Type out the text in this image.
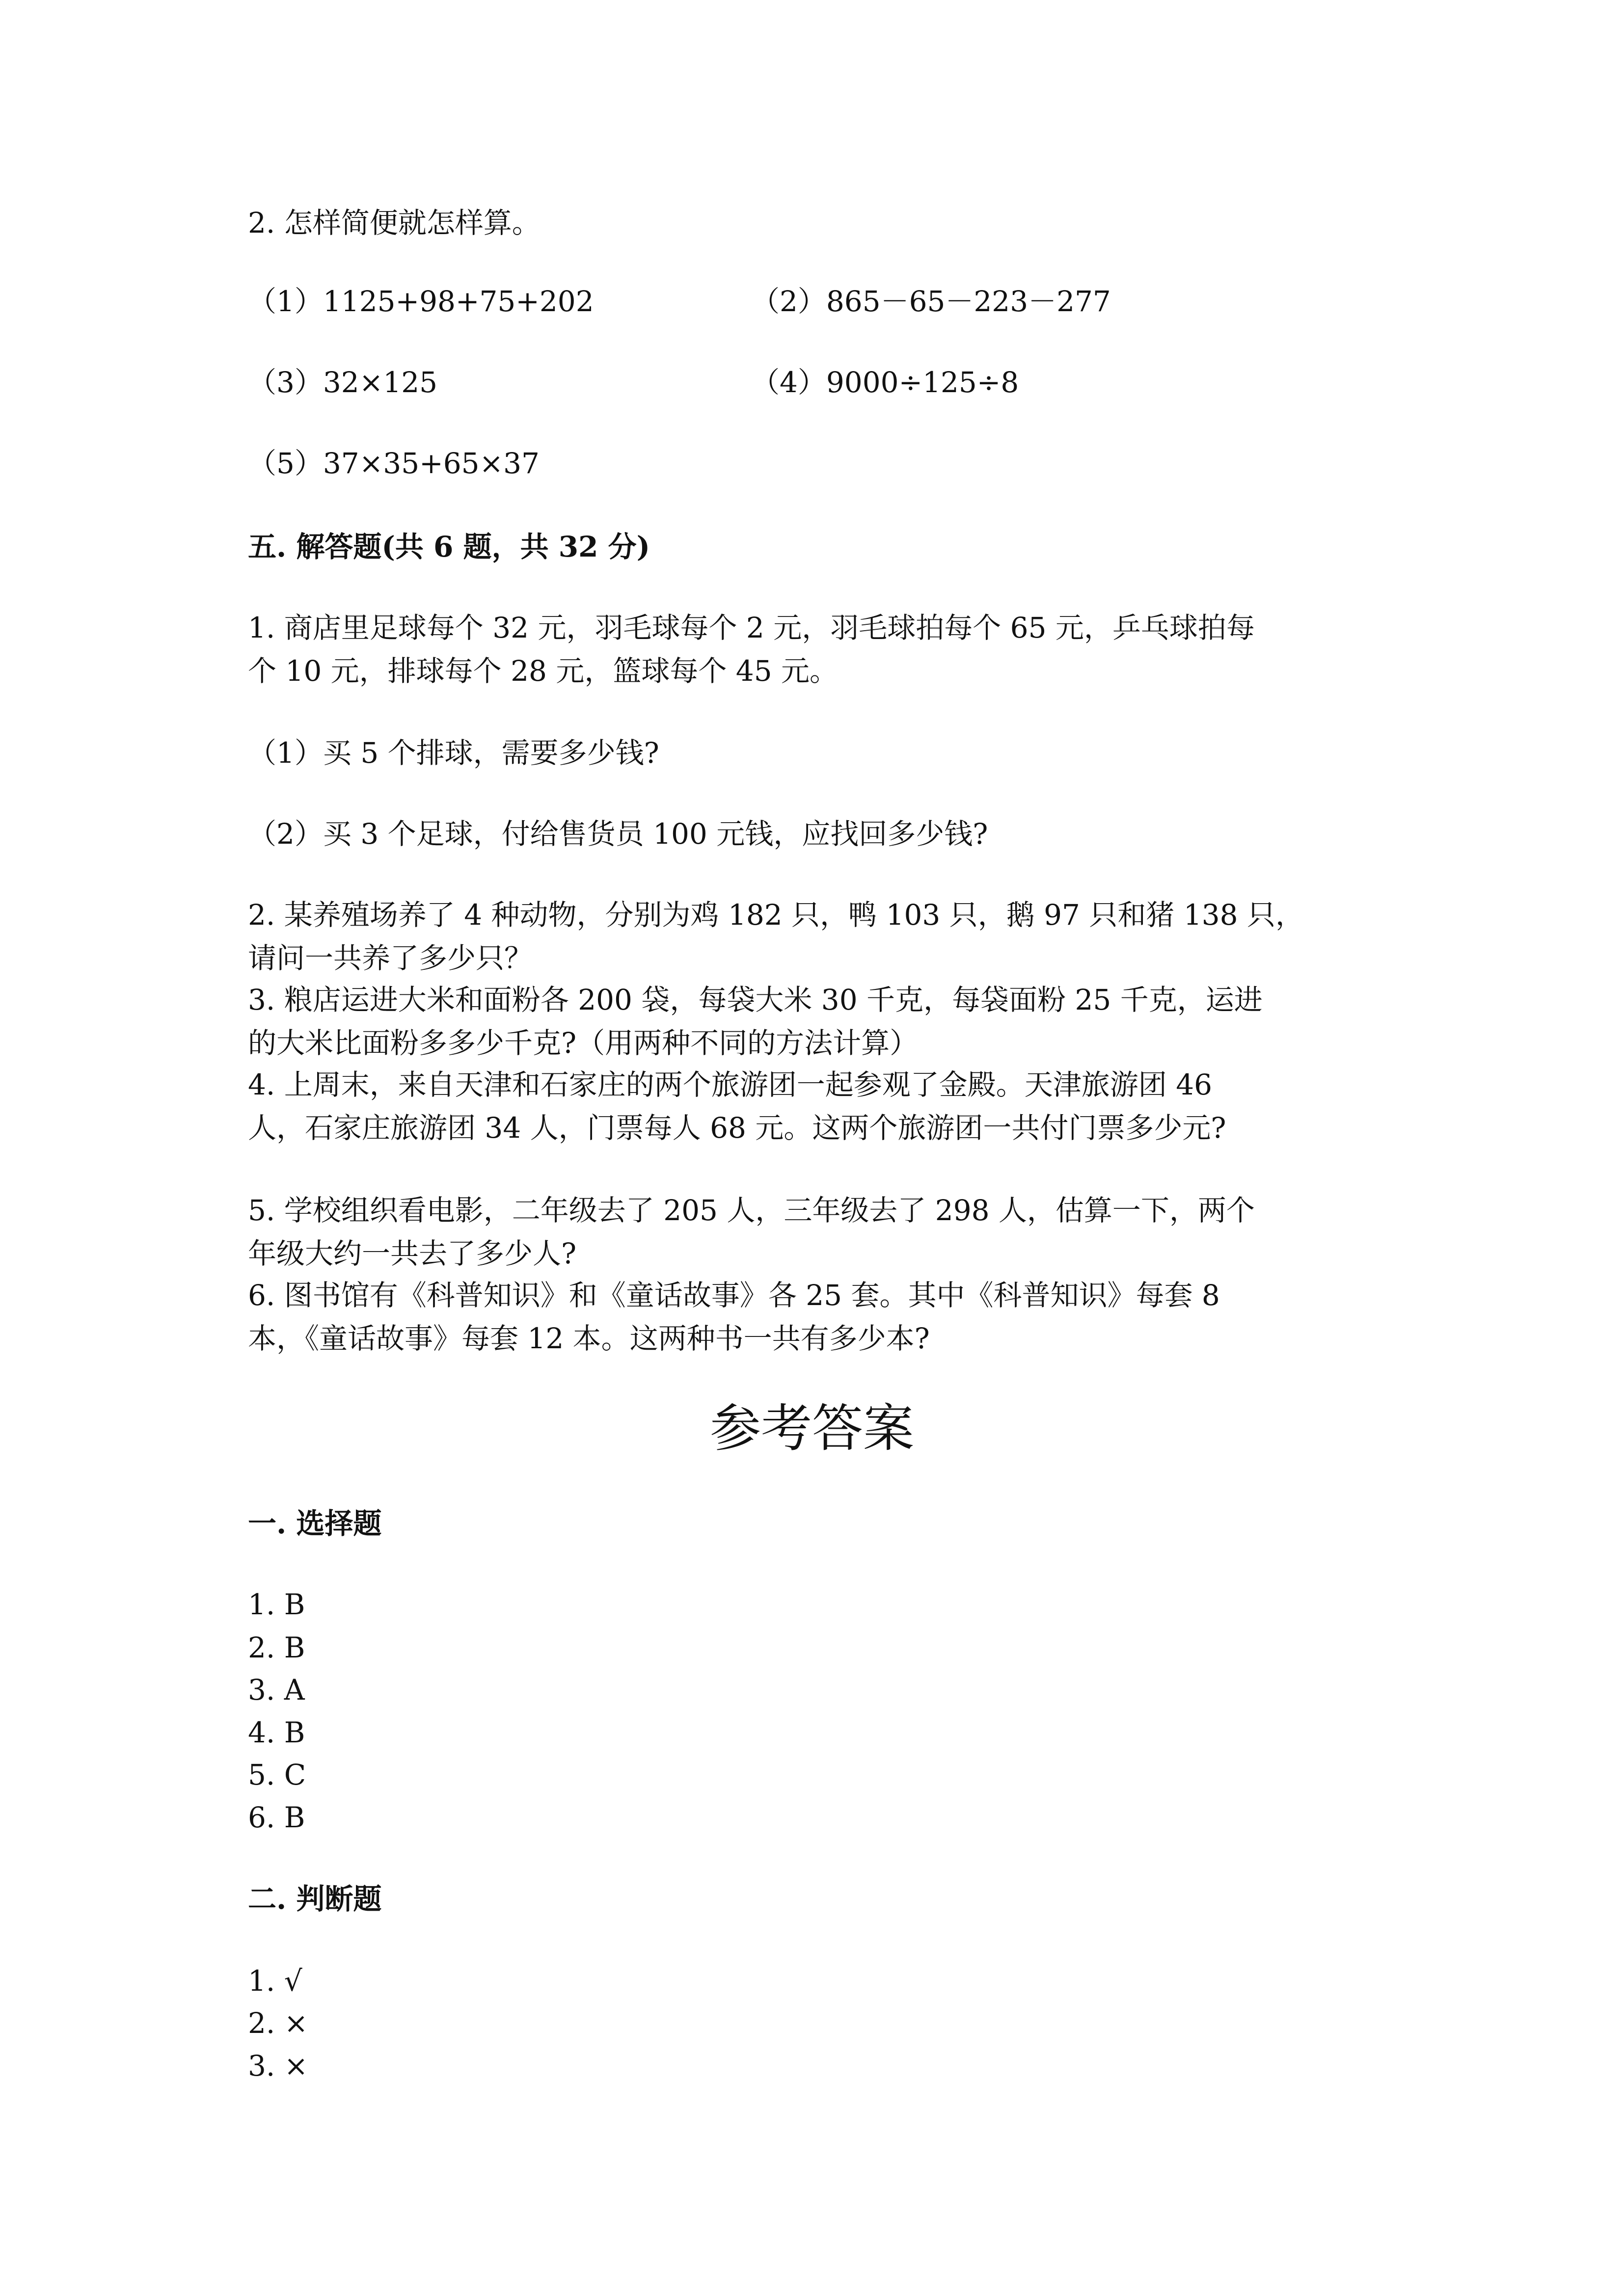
2. 怎样简便就怎样算。

（1）1125+98+75+202	（2）865－65－223－277

（3）32×125	（4）9000÷125÷8

（5）37×35+65×37

五. 解答题(共 6 题，共 32 分)

1. 商店里足球每个 32 元，羽毛球每个 2 元，羽毛球拍每个 65 元，乒乓球拍每

个 10 元，排球每个 28 元，篮球每个 45 元。

（1）买 5 个排球，需要多少钱?

（2）买 3 个足球，付给售货员 100 元钱，应找回多少钱?

2. 某养殖场养了 4 种动物，分别为鸡 182 只，鸭 103 只，鹅 97 只和猪 138 只，

请问一共养了多少只？

3. 粮店运进大米和面粉各 200 袋，每袋大米 30 千克，每袋面粉 25 千克，运进

的大米比面粉多多少千克?（用两种不同的方法计算）

4. 上周末，来自天津和石家庄的两个旅游团一起参观了金殿。天津旅游团 46

人，石家庄旅游团 34 人，门票每人 68 元。这两个旅游团一共付门票多少元?

5. 学校组织看电影，二年级去了 205 人，三年级去了 298 人，估算一下，两个

年级大约一共去了多少人?

6. 图书馆有《科普知识》和《童话故事》各 25 套。其中《科普知识》每套 8

本，《童话故事》每套 12 本。这两种书一共有多少本?

参考答案

一. 选择题

1. B

2. B

3. A

4. B

5. C

6. B

二. 判断题

1. √

2. ×

3. ×
